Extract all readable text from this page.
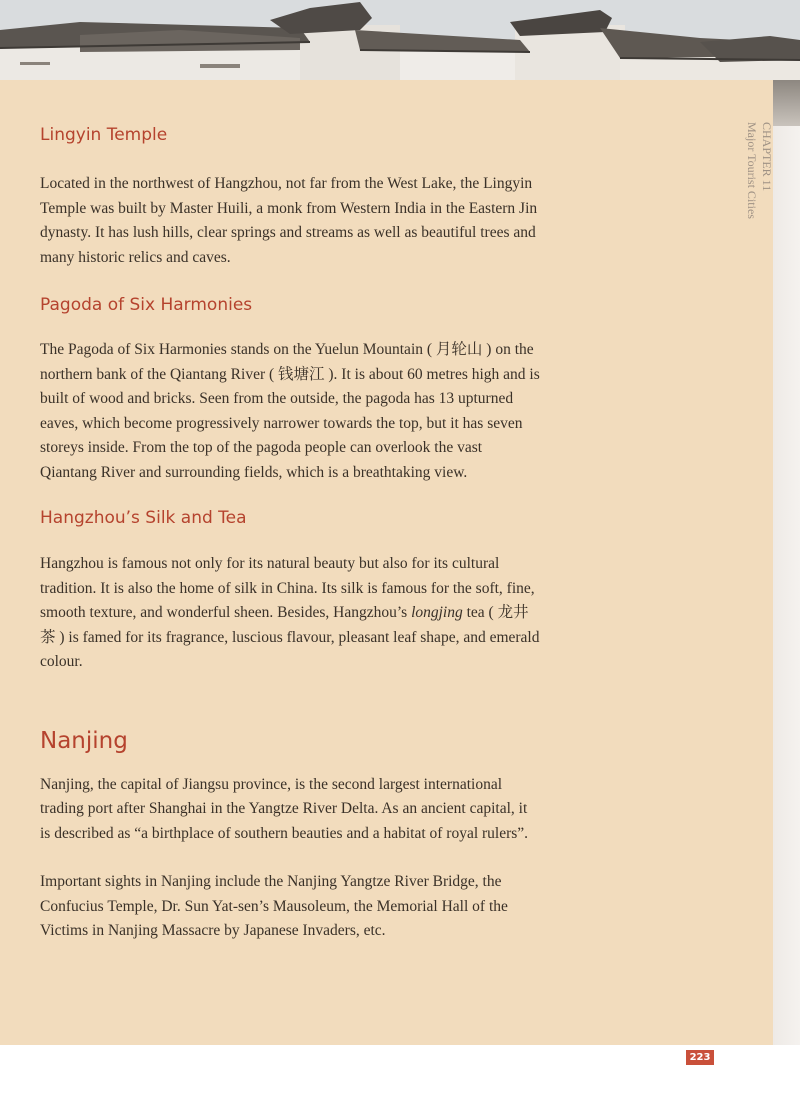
CHAPTER 11
Major Tourist Cities
Lingyin Temple

Located in the northwest of Hangzhou, not far from the West Lake, the Lingyin Temple was built by Master Huili, a monk from Western India in the Eastern Jin dynasty. It has lush hills, clear springs and streams as well as beautiful trees and many historic relics and caves.

Pagoda of Six Harmonies

The Pagoda of Six Harmonies stands on the Yuelun Mountain ( 月轮山 ) on the northern bank of the Qiantang River ( 钱塘江 ). It is about 60 metres high and is built of wood and bricks. Seen from the outside, the pagoda has 13 upturned eaves, which become progressively narrower towards the top, but it has seven storeys inside. From the top of the pagoda people can overlook the vast Qiantang River and surrounding fields, which is a breathtaking view.

Hangzhou’s Silk and Tea

Hangzhou is famous not only for its natural beauty but also for its cultural tradition. It is also the home of silk in China. Its silk is famous for the soft, fine, smooth texture, and wonderful sheen. Besides, Hangzhou’s longjing tea ( 龙井茶 ) is famed for its fragrance, luscious flavour, pleasant leaf shape, and emerald colour.

Nanjing

Nanjing, the capital of Jiangsu province, is the second largest international trading port after Shanghai in the Yangtze River Delta. As an ancient capital, it is described as “a birthplace of southern beauties and a habitat of royal rulers”.

Important sights in Nanjing include the Nanjing Yangtze River Bridge, the Confucius Temple, Dr. Sun Yat-sen’s Mausoleum, the Memorial Hall of the Victims in Nanjing Massacre by Japanese Invaders, etc.

223
